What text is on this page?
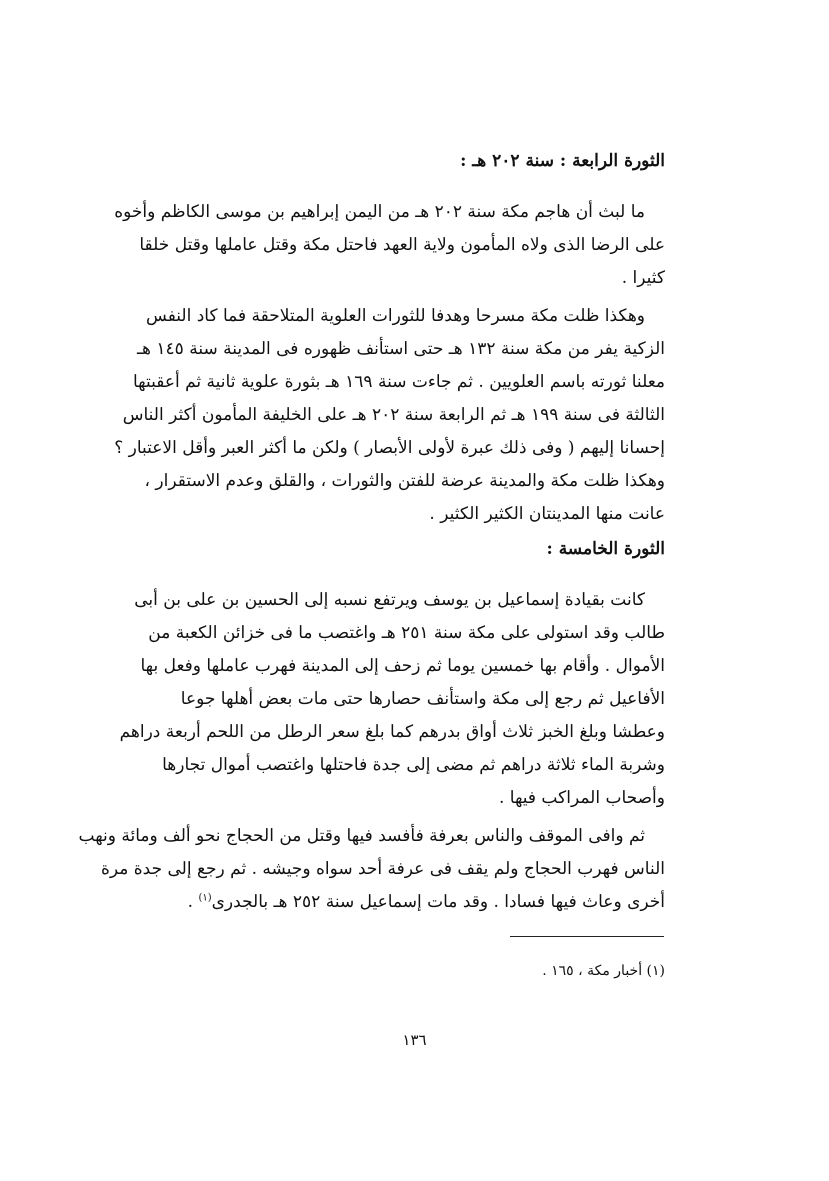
الثورة الرابعة : سنة ٢٠٢ هـ :
ما لبث أن هاجم مكة سنة ٢٠٢ هـ من اليمن إبراهيم بن موسى الكاظم وأخوه
على الرضا الذى ولاه المأمون ولاية العهد فاحتل مكة وقتل عاملها وقتل خلقا
كثيرا .
وهكذا ظلت مكة مسرحا وهدفا للثورات العلوية المتلاحقة فما كاد النفس
الزكية يفر من مكة سنة ١٣٢ هـ حتى استأنف ظهوره فى المدينة سنة ١٤٥ هـ
معلنا ثورته باسم العلويين . ثم جاءت سنة ١٦٩ هـ بثورة علوية ثانية ثم أعقبتها
الثالثة فى سنة ١٩٩ هـ ثم الرابعة سنة ٢٠٢ هـ على الخليفة المأمون أكثر الناس
إحسانا إليهم ( وفى ذلك عبرة لأولى الأبصار ) ولكن ما أكثر العبر وأقل الاعتبار ؟
وهكذا ظلت مكة والمدينة عرضة للفتن والثورات ، والقلق وعدم الاستقرار ،
عانت منها المدينتان الكثير الكثير .
الثورة الخامسة :
كانت بقيادة إسماعيل بن يوسف ويرتفع نسبه إلى الحسين بن على بن أبى
طالب وقد استولى على مكة سنة ٢٥١ هـ واغتصب ما فى خزائن الكعبة من
الأموال . وأقام بها خمسين يوما ثم زحف إلى المدينة فهرب عاملها وفعل بها
الأفاعيل ثم رجع إلى مكة واستأنف حصارها حتى مات بعض أهلها جوعا
وعطشا وبلغ الخبز ثلاث أواق بدرهم كما بلغ سعر الرطل من اللحم أربعة دراهم
وشربة الماء ثلاثة دراهم ثم مضى إلى جدة فاحتلها واغتصب أموال تجارها
وأصحاب المراكب فيها .
ثم وافى الموقف والناس بعرفة فأفسد فيها وقتل من الحجاج نحو ألف ومائة ونهب
الناس فهرب الحجاج ولم يقف فى عرفة أحد سواه وجيشه . ثم رجع إلى جدة مرة
أخرى وعاث فيها فسادا . وقد مات إسماعيل سنة ٢٥٢ هـ بالجدرى$^{(١)}$ .
(١) أخبار مكة ، ١٦٥ .
١٣٦
